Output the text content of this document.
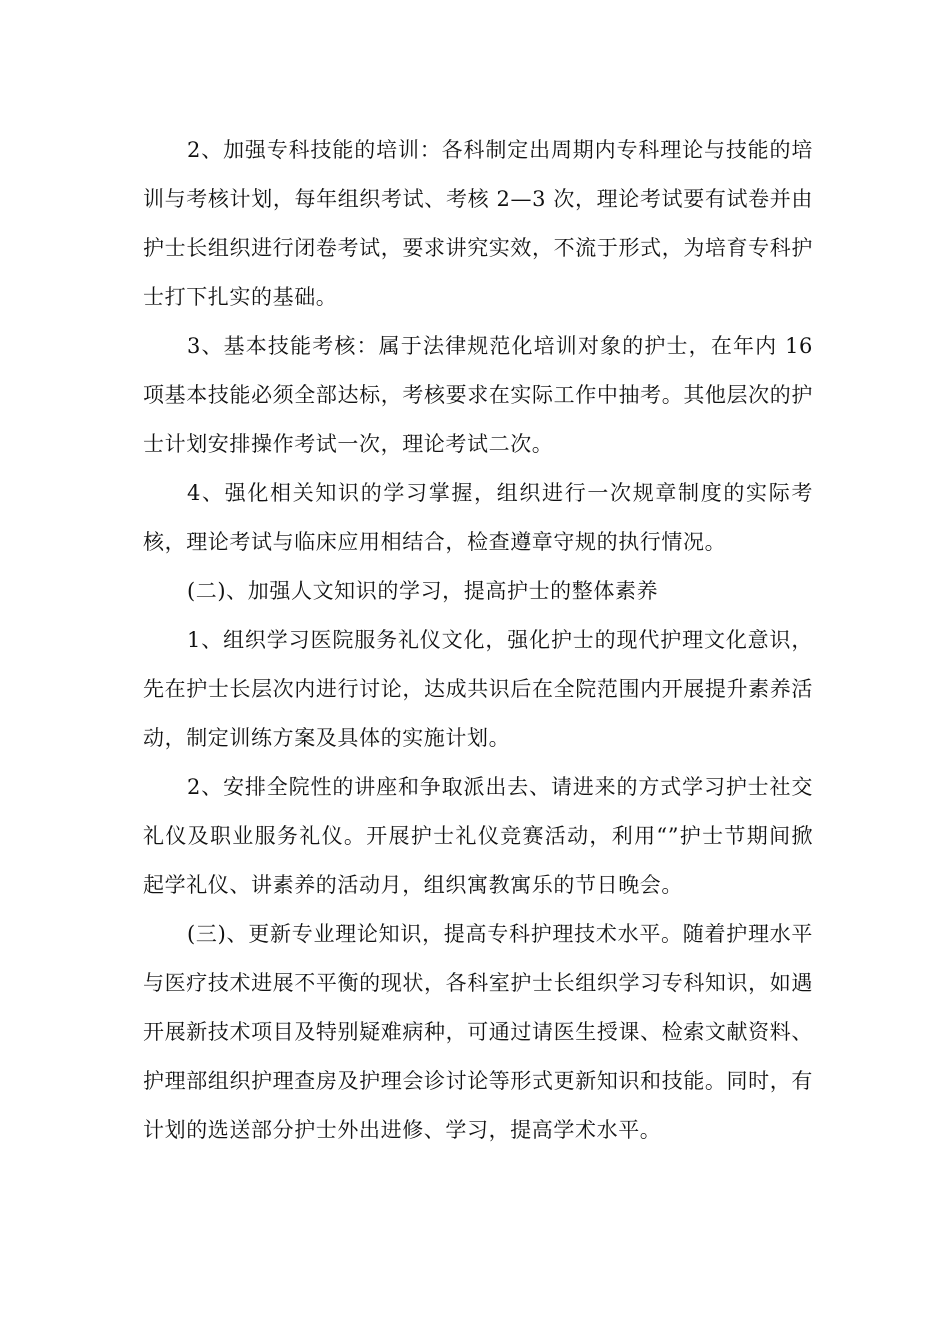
2、加强专科技能的培训：各科制定出周期内专科理论与技能的培训与考核计划，每年组织考试、考核 2—3 次，理论考试要有试卷并由护士长组织进行闭卷考试，要求讲究实效，不流于形式，为培育专科护士打下扎实的基础。

3、基本技能考核：属于法律规范化培训对象的护士，在年内 16 项基本技能必须全部达标，考核要求在实际工作中抽考。其他层次的护士计划安排操作考试一次，理论考试二次。

4、强化相关知识的学习掌握，组织进行一次规章制度的实际考核，理论考试与临床应用相结合，检查遵章守规的执行情况。

(二)、加强人文知识的学习，提高护士的整体素养

1、组织学习医院服务礼仪文化，强化护士的现代护理文化意识，先在护士长层次内进行讨论，达成共识后在全院范围内开展提升素养活动，制定训练方案及具体的实施计划。

2、安排全院性的讲座和争取派出去、请进来的方式学习护士社交礼仪及职业服务礼仪。开展护士礼仪竞赛活动，利用“”护士节期间掀起学礼仪、讲素养的活动月，组织寓教寓乐的节日晚会。

(三)、更新专业理论知识，提高专科护理技术水平。随着护理水平与医疗技术进展不平衡的现状，各科室护士长组织学习专科知识，如遇开展新技术项目及特别疑难病种，可通过请医生授课、检索文献资料、护理部组织护理查房及护理会诊讨论等形式更新知识和技能。同时，有计划的选送部分护士外出进修、学习，提高学术水平。
